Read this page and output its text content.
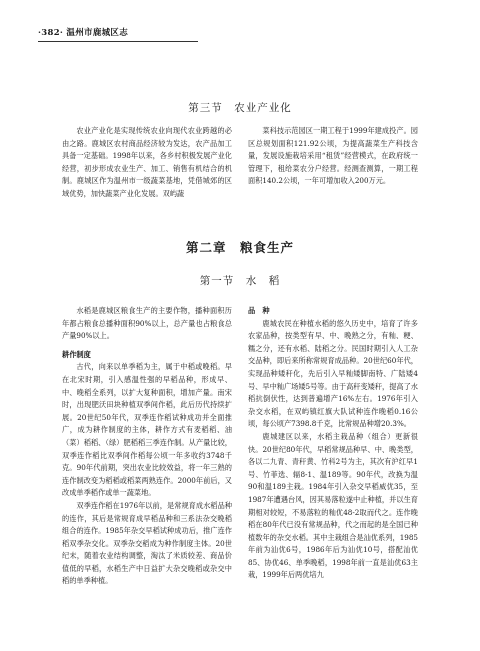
·382· 温州市鹿城区志
第三节　农业产业化

农业产业化是实现传统农业向现代农业跨越的必由之路。鹿城区农村商品经济较为发达，农产品加工具备一定基础。1998年以来，各乡村积极发展产业化经营，初步形成农业生产、加工、销售有机结合的机制。鹿城区作为温州市一级蔬菜基地，凭借城郊的区域优势，加快蔬菜产业化发展。双屿蔬

菜科技示范园区一期工程于1999年建成投产。园区总规划面积121.92公顷，为提高蔬菜生产科技含量，发展设施栽培采用“租赁”经营模式，在政府统一管理下，租给菜农分户经营。经测查测算，一期工程面积140.2公顷，一年可增加收入200万元。

第二章　粮食生产
第一节　水　稻

水稻是鹿城区粮食生产的主要作物，播种面积历年都占粮食总播种面积90%以上，总产量也占粮食总产量90%以上。

耕作制度

古代，向来以单季稻为主，属于中稻或晚稻。早在北宋时期，引入感温性强的早稻品种，形成早、中、晚稻全系列，以扩大复种面积，增加产量。南宋时，出现肥沃田块种植双季间作稻，此后历代持续扩展。20世纪50年代，双季连作稻试种成功并全面推广，成为耕作制度的主体，耕作方式有麦稻稻、油（菜）稻稻、（绿）肥稻稻三季连作制。从产量比较，双季连作稻比双季间作稻每公顷一年多收约3748千克。90年代前期，突出农业比较效益，将一年三熟的连作制改变为稻稻或稻菜两熟连作。2000年前后，又改成单季稻作或单一蔬菜地。

双季连作稻在1976年以前，是常规育成水稻品种的连作，其后是常规育成早稻品种和三系法杂交晚稻组合的连作。1985年杂交早稻试种成功后，推广连作稻双季杂交化。双季杂交稻成为种作制度主体。20世纪末，随着农业结构调整，淘汰了米质较差、商品价值低的早稻，水稻生产中日益扩大杂交晚稻或杂交中稻的单季种植。

品　种

鹿城农民在种植水稻的悠久历史中，培育了许多农家品种，按类型有早、中、晚熟之分，有籼、粳、糯之分，还有水稻、陆稻之分。民国时期引入人工杂交品种，即后来所称常规育成品种。20世纪60年代，实现品种矮秆化，先后引入早籼矮脚南特、广陆矮4号、早中籼广场矮5号等。由于高秆变矮秆，提高了水稻抗倒伏性，达到普遍增产16%左右。1976年引入杂交水稻，在双屿镇红旗大队试种连作晚稻0.16公顷，每公顷产7398.8千克，比常规品种增20.3%。

鹿城建区以来，水稻主栽品种（组合）更新很快。20世纪80年代，早稻常规品种早、中、晚类型，各以二九青、青秆黄、竹科2号为主，其次有沪红早1号、竹菲选、辐8-1、温189等。90年代，改换为温90和温189主栽。1984年引入杂交早稻威优35，至1987年遭遇台风，因其易落粒遂中止种植，并以生育期相对较短，不易落粒的籼优48-2取而代之。连作晚稻在80年代已没有常规品种，代之而起的是全国已种植数年的杂交水稻。其中主栽组合是汕优系列，1985年前为汕优6号，1986年后为汕优10号，搭配汕优85、协优46、单季晚稻，1998年前一直是汕优63主栽，1999年后两优培九
